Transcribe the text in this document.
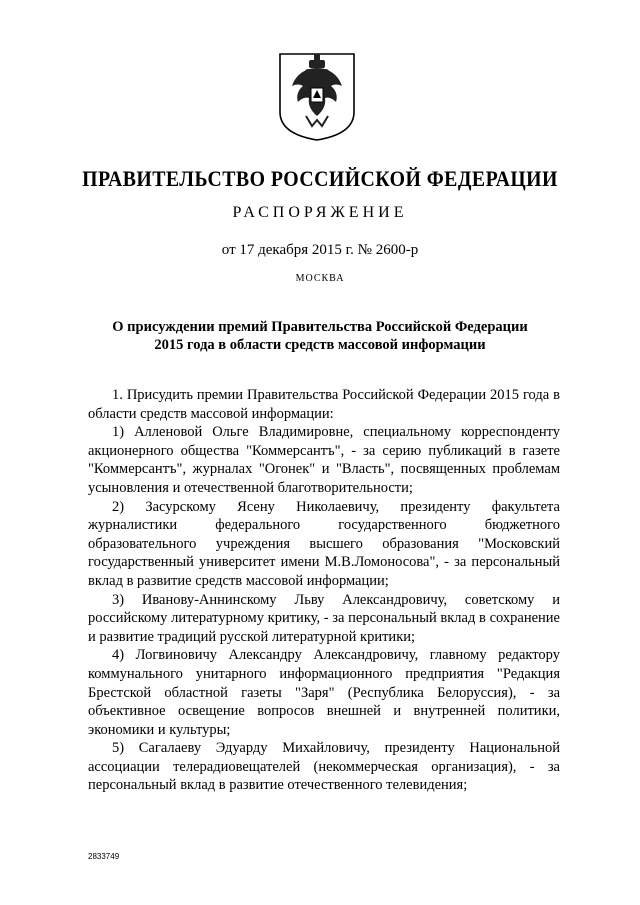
ПРАВИТЕЛЬСТВО РОССИЙСКОЙ ФЕДЕРАЦИИ
РАСПОРЯЖЕНИЕ
от 17 декабря 2015 г. № 2600-р
МОСКВА
О присуждении премий Правительства Российской Федерации
2015 года в области средств массовой информации

1. Присудить премии Правительства Российской Федерации 2015 года в области средств массовой информации:

1) Алленовой Ольге Владимировне, специальному корреспонденту акционерного общества "Коммерсантъ", - за серию публикаций в газете "Коммерсантъ", журналах "Огонек" и "Власть", посвященных проблемам усыновления и отечественной благотворительности;

2) Засурскому Ясену Николаевичу, президенту факультета журналистики федерального государственного бюджетного образовательного учреждения высшего образования "Московский государственный университет имени М.В.Ломоносова", - за персональный вклад в развитие средств массовой информации;

3) Иванову-Аннинскому Льву Александровичу, советскому и российскому литературному критику, - за персональный вклад в сохранение и развитие традиций русской литературной критики;

4) Логвиновичу Александру Александровичу, главному редактору коммунального унитарного информационного предприятия "Редакция Брестской областной газеты "Заря" (Республика Белоруссия), - за объективное освещение вопросов внешней и внутренней политики, экономики и культуры;

5) Сагалаеву Эдуарду Михайловичу, президенту Национальной ассоциации телерадиовещателей (некоммерческая организация), - за персональный вклад в развитие отечественного телевидения;

2833749
